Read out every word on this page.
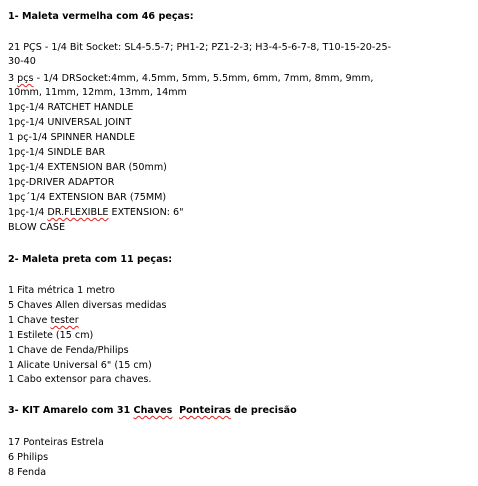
1- Maleta vermelha com 46 peças:
21 PÇS - 1/4 Bit Socket: SL4-5.5-7; PH1-2; PZ1-2-3; H3-4-5-6-7-8, T10-15-20-25-
30-40
3 pçs - 1/4 DRSocket:4mm, 4.5mm, 5mm, 5.5mm, 6mm, 7mm, 8mm, 9mm,
10mm, 11mm, 12mm, 13mm, 14mm
1pç-1/4 RATCHET HANDLE
1pç-1/4 UNIVERSAL JOINT
1 pç-1/4 SPINNER HANDLE
1pç-1/4 SINDLE BAR
1pç-1/4 EXTENSION BAR (50mm)
1pç-DRIVER ADAPTOR
1pç´1/4 EXTENSION BAR (75MM)
1pç-1/4 DR.FLEXIBLE EXTENSION: 6"
BLOW CASE
2- Maleta preta com 11 peças:
1 Fita métrica 1 metro
5 Chaves Allen diversas medidas
1 Chave tester
1 Estilete (15 cm)
1 Chave de Fenda/Philips
1 Alicate Universal 6" (15 cm)
1 Cabo extensor para chaves.
3- KIT Amarelo com 31 Chaves Ponteiras de precisão
17 Ponteiras Estrela
6 Philips
8 Fenda
